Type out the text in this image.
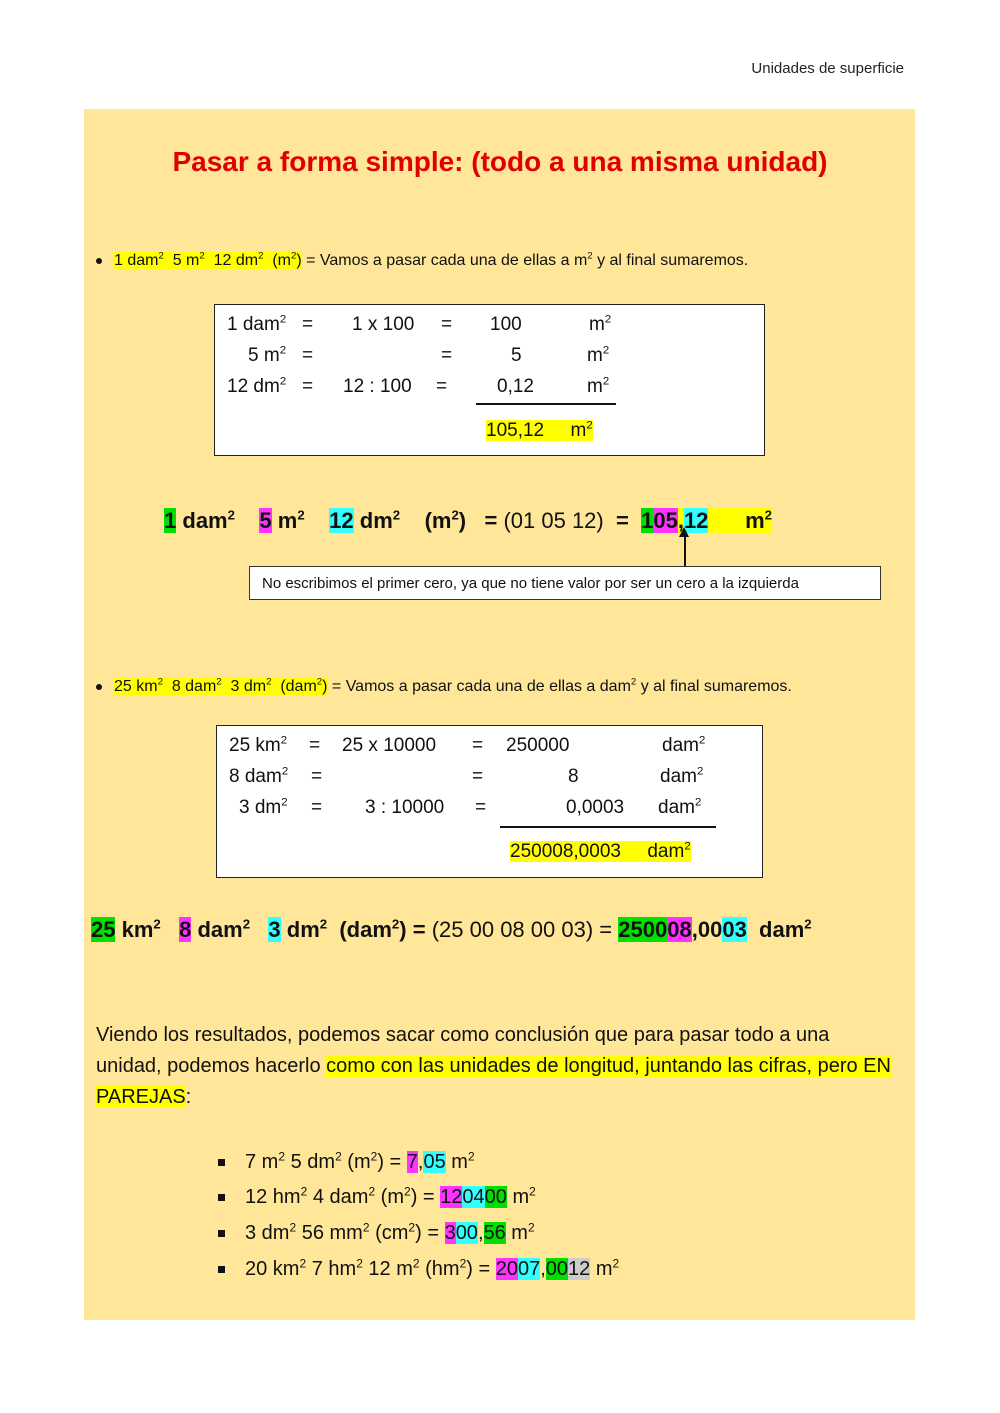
Unidades de superficie
Pasar a forma simple: (todo a una misma unidad)
1 dam$^2$ 5 $m^2$ 12 $dm^2$ $(m^2)$ = Vamos a pasar cada una de ellas a $m^2$ y al final sumaremos.
1 dam$^2$ = 1 x 100 = 100	$m^2$
5 $m^2$ =	=	5	$m^2$
12 $dm^2 = 12$ : 100 =	0,12	$m^2$
105,12 $m^2$
1 dam$^2$ 5 $m^2$ 12 $dm^2$ $(m^2) = (01$ 05 12) = 105,12 $m^2$
No escribimos el primer cero, ya que no tiene valor por ser un cero a la izquierda
25 $km^2$ 8 dam$^2$ 3 $dm^2$ (dam$^2$) = Vamos a pasar cada una de ellas a dam$^2$ y al final sumaremos.
25 $km^2 = 25$ x 10000 = 250000	dam$^2$
8 dam$^2$ =	=	8	dam$^2$
3 $dm^2 = 3$ : 10000 =	0,0003 dam$^2$
250008,0003 dam$^2$
25 $km^2$ 8 dam$^2$ 3 $dm^2$ (dam$^2$) = (25 00 08 00 03) = 250008,0003 dam$^2$
Viendo los resultados, podemos sacar como conclusión que para pasar todo a una unidad, podemos hacerlo como con las unidades de longitud, juntando las cifras, pero EN PAREJAS:
7 $m^2$ 5 $dm^2$ $(m^2) = 7,05$ $m^2$
12 $hm^2$ 4 dam$^2$ $(m^2) = 120400$ $m^2$
3 $dm^2$ 56 $mm^2$ $(cm^2) = 300,56$ $m^2$
20 $km^2$ 7 $hm^2$ 12 $m^2$ $(hm^2) = 2007,0012$ $m^2$
